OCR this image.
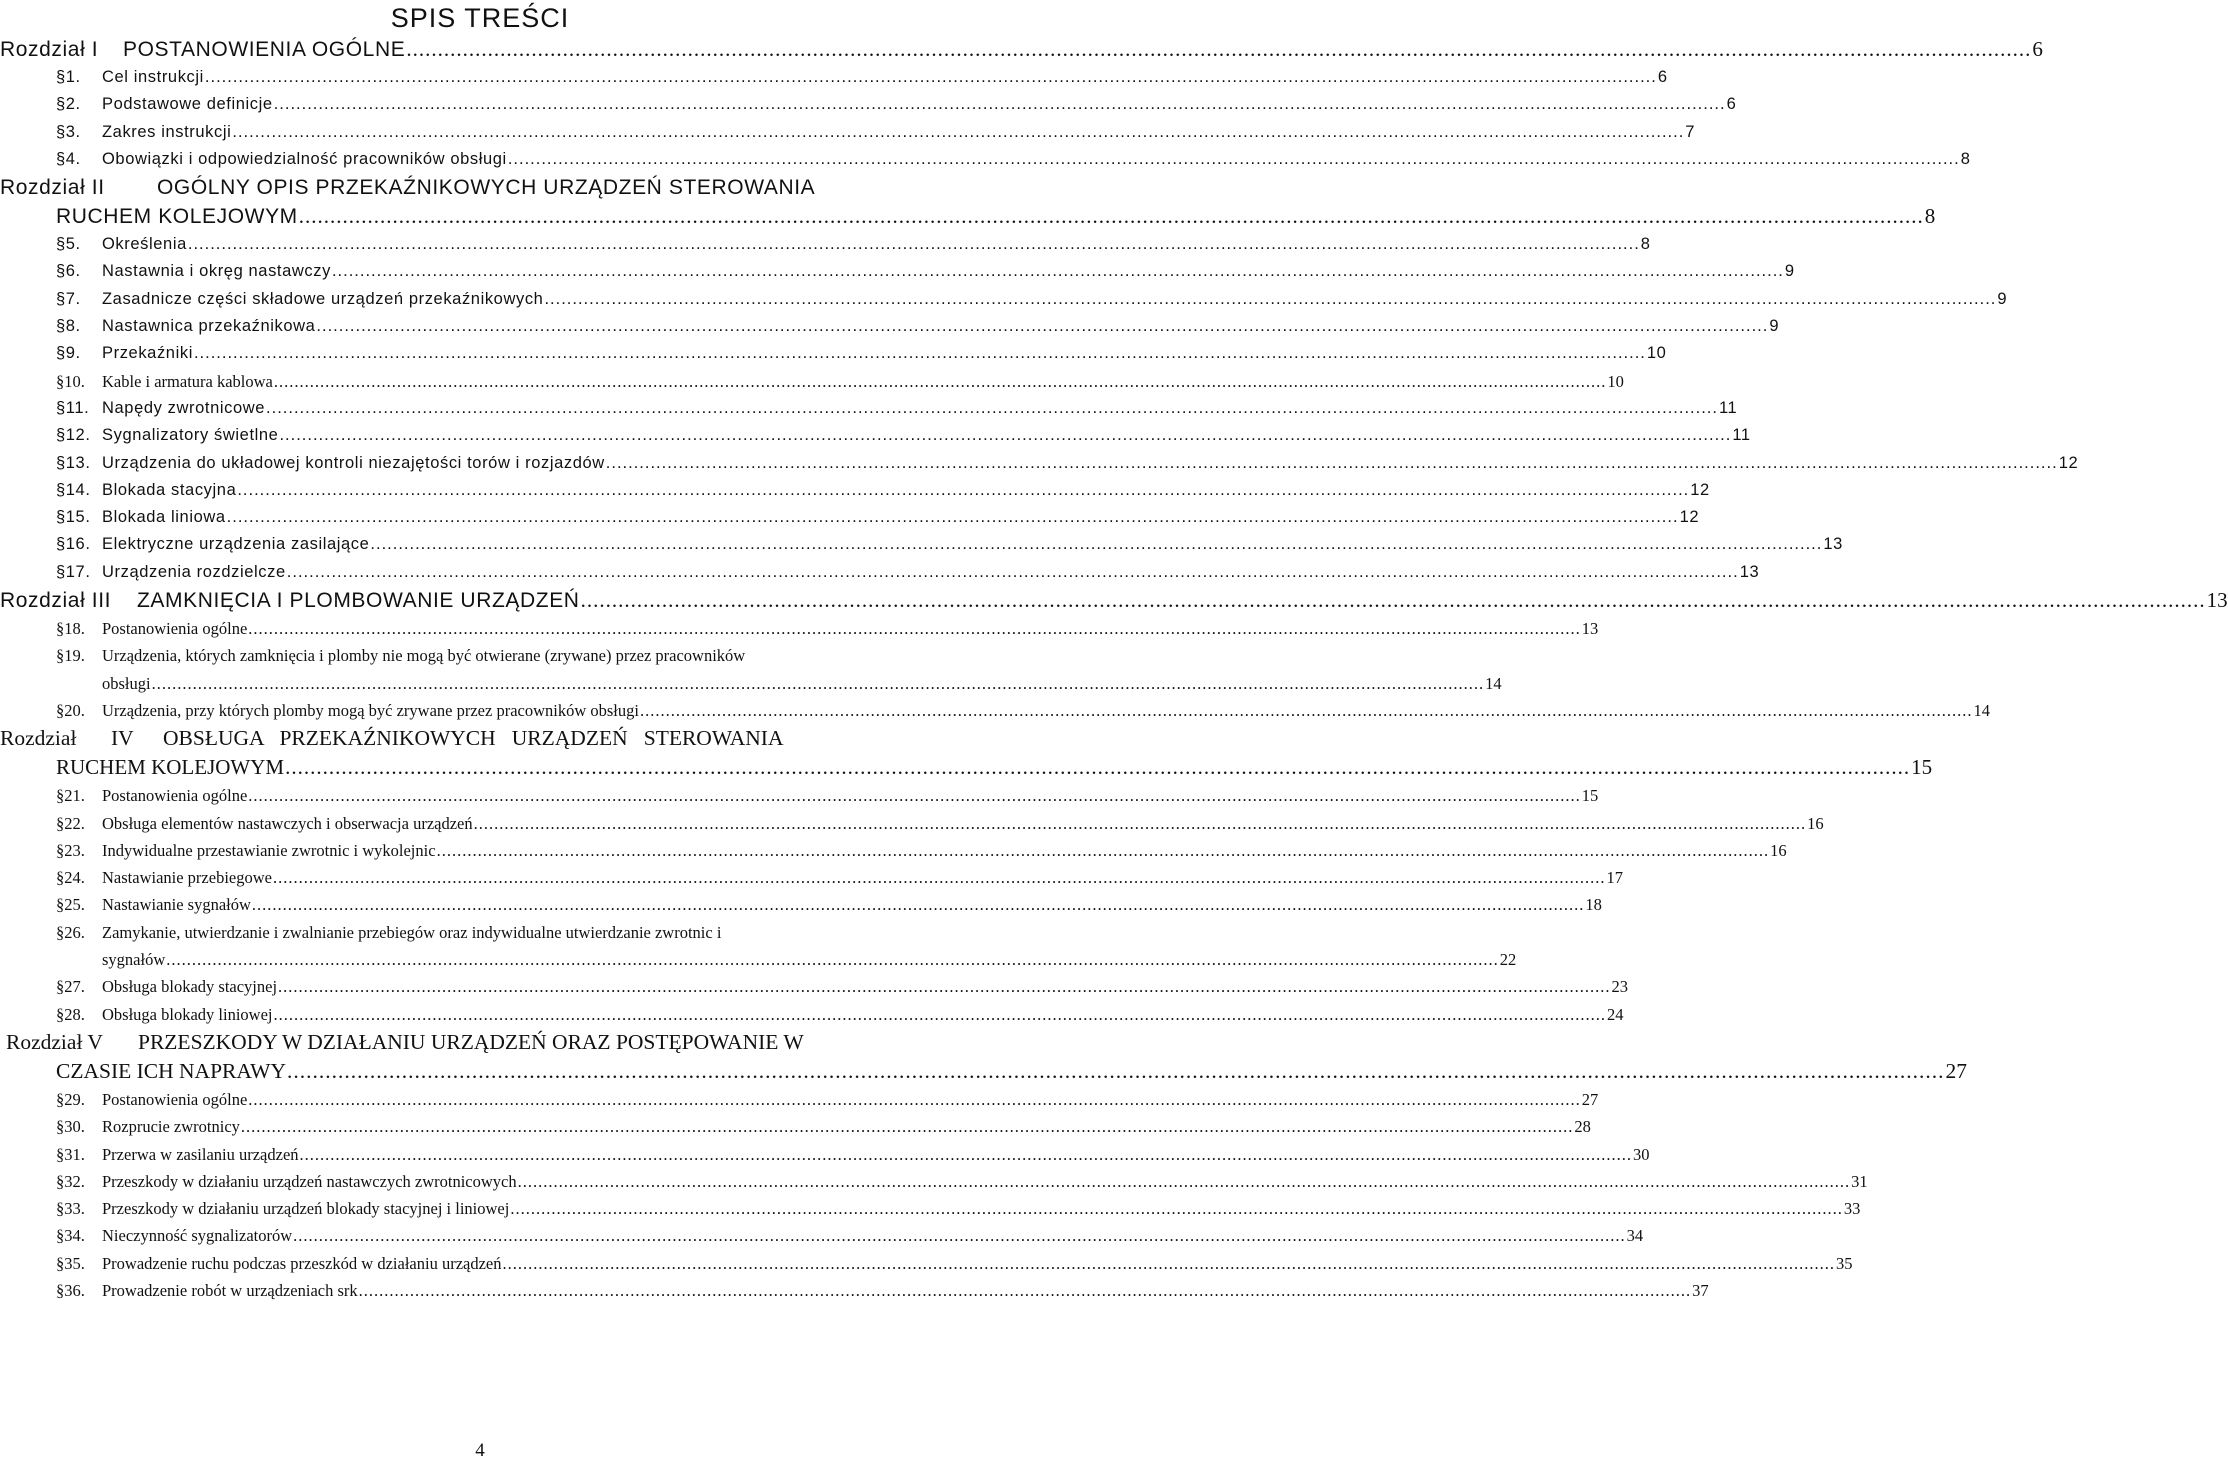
SPIS TREŚCI
Rozdział I POSTANOWIENIA OGÓLNE .................................................................................................................................................................................................................................................................... 6
§1. Cel instrukcji .................................................................................................................................................................................................................................................................... 6
§2. Podstawowe definicje .................................................................................................................................................................................................................................................................... 6
§3. Zakres instrukcji .................................................................................................................................................................................................................................................................... 7
§4. Obowiązki i odpowiedzialność pracowników obsługi .................................................................................................................................................................................................................................................................... 8
Rozdział II OGÓLNY OPIS PRZEKAŹNIKOWYCH URZĄDZEŃ STEROWANIA
RUCHEM KOLEJOWYM .................................................................................................................................................................................................................................................................... 8
§5. Określenia .................................................................................................................................................................................................................................................................... 8
§6. Nastawnia i okręg nastawczy .................................................................................................................................................................................................................................................................... 9
§7. Zasadnicze części składowe urządzeń przekaźnikowych .................................................................................................................................................................................................................................................................... 9
§8. Nastawnica przekaźnikowa .................................................................................................................................................................................................................................................................... 9
§9. Przekaźniki .................................................................................................................................................................................................................................................................... 10
§10. Kable i armatura kablowa .................................................................................................................................................................................................................................................................... 10
§11. Napędy zwrotnicowe .................................................................................................................................................................................................................................................................... 11
§12. Sygnalizatory świetlne .................................................................................................................................................................................................................................................................... 11
§13. Urządzenia do układowej kontroli niezajętości torów i rozjazdów .................................................................................................................................................................................................................................................................... 12
§14. Blokada stacyjna .................................................................................................................................................................................................................................................................... 12
§15. Blokada liniowa .................................................................................................................................................................................................................................................................... 12
§16. Elektryczne urządzenia zasilające .................................................................................................................................................................................................................................................................... 13
§17. Urządzenia rozdzielcze .................................................................................................................................................................................................................................................................... 13
Rozdział III ZAMKNIĘCIA I PLOMBOWANIE URZĄDZEŃ .................................................................................................................................................................................................................................................................... 13
§18. Postanowienia ogólne .................................................................................................................................................................................................................................................................... 13
§19. Urządzenia, których zamknięcia i plomby nie mogą być otwierane (zrywane) przez pracowników
obsługi .................................................................................................................................................................................................................................................................... 14
§20. Urządzenia, przy których plomby mogą być zrywane przez pracowników obsługi .................................................................................................................................................................................................................................................................... 14
Rozdział IV OBSŁUGA   PRZEKAŹNIKOWYCH   URZĄDZEŃ   STEROWANIA
RUCHEM KOLEJOWYM .................................................................................................................................................................................................................................................................... 15
§21. Postanowienia ogólne .................................................................................................................................................................................................................................................................... 15
§22. Obsługa elementów nastawczych i obserwacja urządzeń .................................................................................................................................................................................................................................................................... 16
§23. Indywidualne przestawianie zwrotnic i wykolejnic .................................................................................................................................................................................................................................................................... 16
§24. Nastawianie przebiegowe .................................................................................................................................................................................................................................................................... 17
§25. Nastawianie sygnałów .................................................................................................................................................................................................................................................................... 18
§26. Zamykanie, utwierdzanie i zwalnianie przebiegów oraz indywidualne utwierdzanie zwrotnic i
sygnałów .................................................................................................................................................................................................................................................................... 22
§27. Obsługa blokady stacyjnej .................................................................................................................................................................................................................................................................... 23
§28. Obsługa blokady liniowej .................................................................................................................................................................................................................................................................... 24
Rozdział V PRZESZKODY W DZIAŁANIU URZĄDZEŃ ORAZ POSTĘPOWANIE W
CZASIE ICH NAPRAWY .................................................................................................................................................................................................................................................................... 27
§29. Postanowienia ogólne .................................................................................................................................................................................................................................................................... 27
§30. Rozprucie zwrotnicy .................................................................................................................................................................................................................................................................... 28
§31. Przerwa w zasilaniu urządzeń .................................................................................................................................................................................................................................................................... 30
§32. Przeszkody w działaniu urządzeń nastawczych zwrotnicowych .................................................................................................................................................................................................................................................................... 31
§33. Przeszkody w działaniu urządzeń blokady stacyjnej i liniowej .................................................................................................................................................................................................................................................................... 33
§34. Nieczynność sygnalizatorów .................................................................................................................................................................................................................................................................... 34
§35. Prowadzenie ruchu podczas przeszkód w działaniu urządzeń .................................................................................................................................................................................................................................................................... 35
§36. Prowadzenie robót w urządzeniach srk .................................................................................................................................................................................................................................................................... 37
4
